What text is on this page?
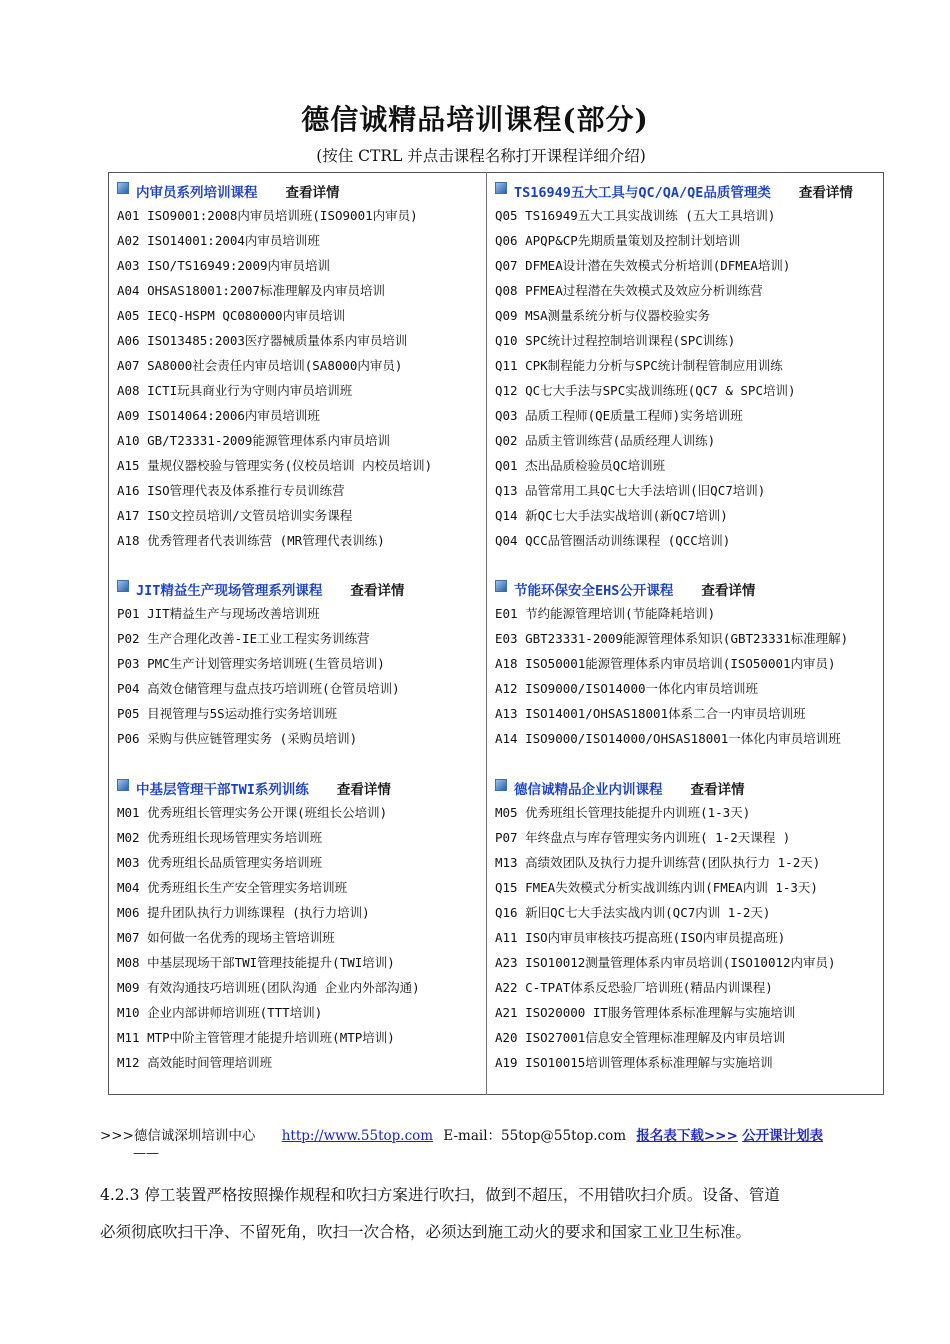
德信诚精品培训课程(部分)
(按住 CTRL 并点击课程名称打开课程详细介绍)
内审员系列培训课程 查看详情
A01 ISO9001:2008内审员培训班(ISO9001内审员)
A02 ISO14001:2004内审员培训班
A03 ISO/TS16949:2009内审员培训
A04 OHSAS18001:2007标准理解及内审员培训
A05 IECQ-HSPM QC080000内审员培训
A06 ISO13485:2003医疗器械质量体系内审员培训
A07 SA8000社会责任内审员培训(SA8000内审员)
A08 ICTI玩具商业行为守则内审员培训班
A09 ISO14064:2006内审员培训班
A10 GB/T23331-2009能源管理体系内审员培训
A15 量规仪器校验与管理实务(仪校员培训 内校员培训)
A16 ISO管理代表及体系推行专员训练营
A17 ISO文控员培训/文管员培训实务课程
A18 优秀管理者代表训练营 (MR管理代表训练)
JIT精益生产现场管理系列课程 查看详情
P01 JIT精益生产与现场改善培训班
P02 生产合理化改善-IE工业工程实务训练营
P03 PMC生产计划管理实务培训班(生管员培训)
P04 高效仓储管理与盘点技巧培训班(仓管员培训)
P05 目视管理与5S运动推行实务培训班
P06 采购与供应链管理实务 (采购员培训)
中基层管理干部TWI系列训练 查看详情
M01 优秀班组长管理实务公开课(班组长公培训)
M02 优秀班组长现场管理实务培训班
M03 优秀班组长品质管理实务培训班
M04 优秀班组长生产安全管理实务培训班
M06 提升团队执行力训练课程 (执行力培训)
M07 如何做一名优秀的现场主管培训班
M08 中基层现场干部TWI管理技能提升(TWI培训)
M09 有效沟通技巧培训班(团队沟通 企业内外部沟通)
M10 企业内部讲师培训班(TTT培训)
M11 MTP中阶主管管理才能提升培训班(MTP培训)
M12 高效能时间管理培训班
TS16949五大工具与QC/QA/QE品质管理类 查看详情
Q05 TS16949五大工具实战训练 (五大工具培训)
Q06 APQP&CP先期质量策划及控制计划培训
Q07 DFMEA设计潜在失效模式分析培训(DFMEA培训)
Q08 PFMEA过程潜在失效模式及效应分析训练营
Q09 MSA测量系统分析与仪器校验实务
Q10 SPC统计过程控制培训课程(SPC训练)
Q11 CPK制程能力分析与SPC统计制程管制应用训练
Q12 QC七大手法与SPC实战训练班(QC7 & SPC培训)
Q03 品质工程师(QE质量工程师)实务培训班
Q02 品质主管训练营(品质经理人训练)
Q01 杰出品质检验员QC培训班
Q13 品管常用工具QC七大手法培训(旧QC7培训)
Q14 新QC七大手法实战培训(新QC7培训)
Q04 QCC品管圈活动训练课程 (QCC培训)
节能环保安全EHS公开课程 查看详情
E01 节约能源管理培训(节能降耗培训)
E03 GBT23331-2009能源管理体系知识(GBT23331标准理解)
A18 ISO50001能源管理体系内审员培训(ISO50001内审员)
A12 ISO9000/ISO14000一体化内审员培训班
A13 ISO14001/OHSAS18001体系二合一内审员培训班
A14 ISO9000/ISO14000/OHSAS18001一体化内审员培训班
德信诚精品企业内训课程 查看详情
M05 优秀班组长管理技能提升内训班(1-3天)
P07 年终盘点与库存管理实务内训班( 1-2天课程 )
M13 高绩效团队及执行力提升训练营(团队执行力 1-2天)
Q15 FMEA失效模式分析实战训练内训(FMEA内训 1-3天)
Q16 新旧QC七大手法实战内训(QC7内训 1-2天)
A11 ISO内审员审核技巧提高班(ISO内审员提高班)
A23 ISO10012测量管理体系内审员培训(ISO10012内审员)
A22 C-TPAT体系反恐验厂培训班(精品内训课程)
A21 ISO20000 IT服务管理体系标准理解与实施培训
A20 ISO27001信息安全管理标准理解及内审员培训
A19 ISO10015培训管理体系标准理解与实施培训
>>>德信诚深圳培训中心 http://www.55top.com E-mail：55top@55top.com 报名表下载>>> 公开课计划表
——
4.2.3 停工装置严格按照操作规程和吹扫方案进行吹扫，做到不超压，不用错吹扫介质。设备、管道
必须彻底吹扫干净、不留死角，吹扫一次合格，必须达到施工动火的要求和国家工业卫生标准。
